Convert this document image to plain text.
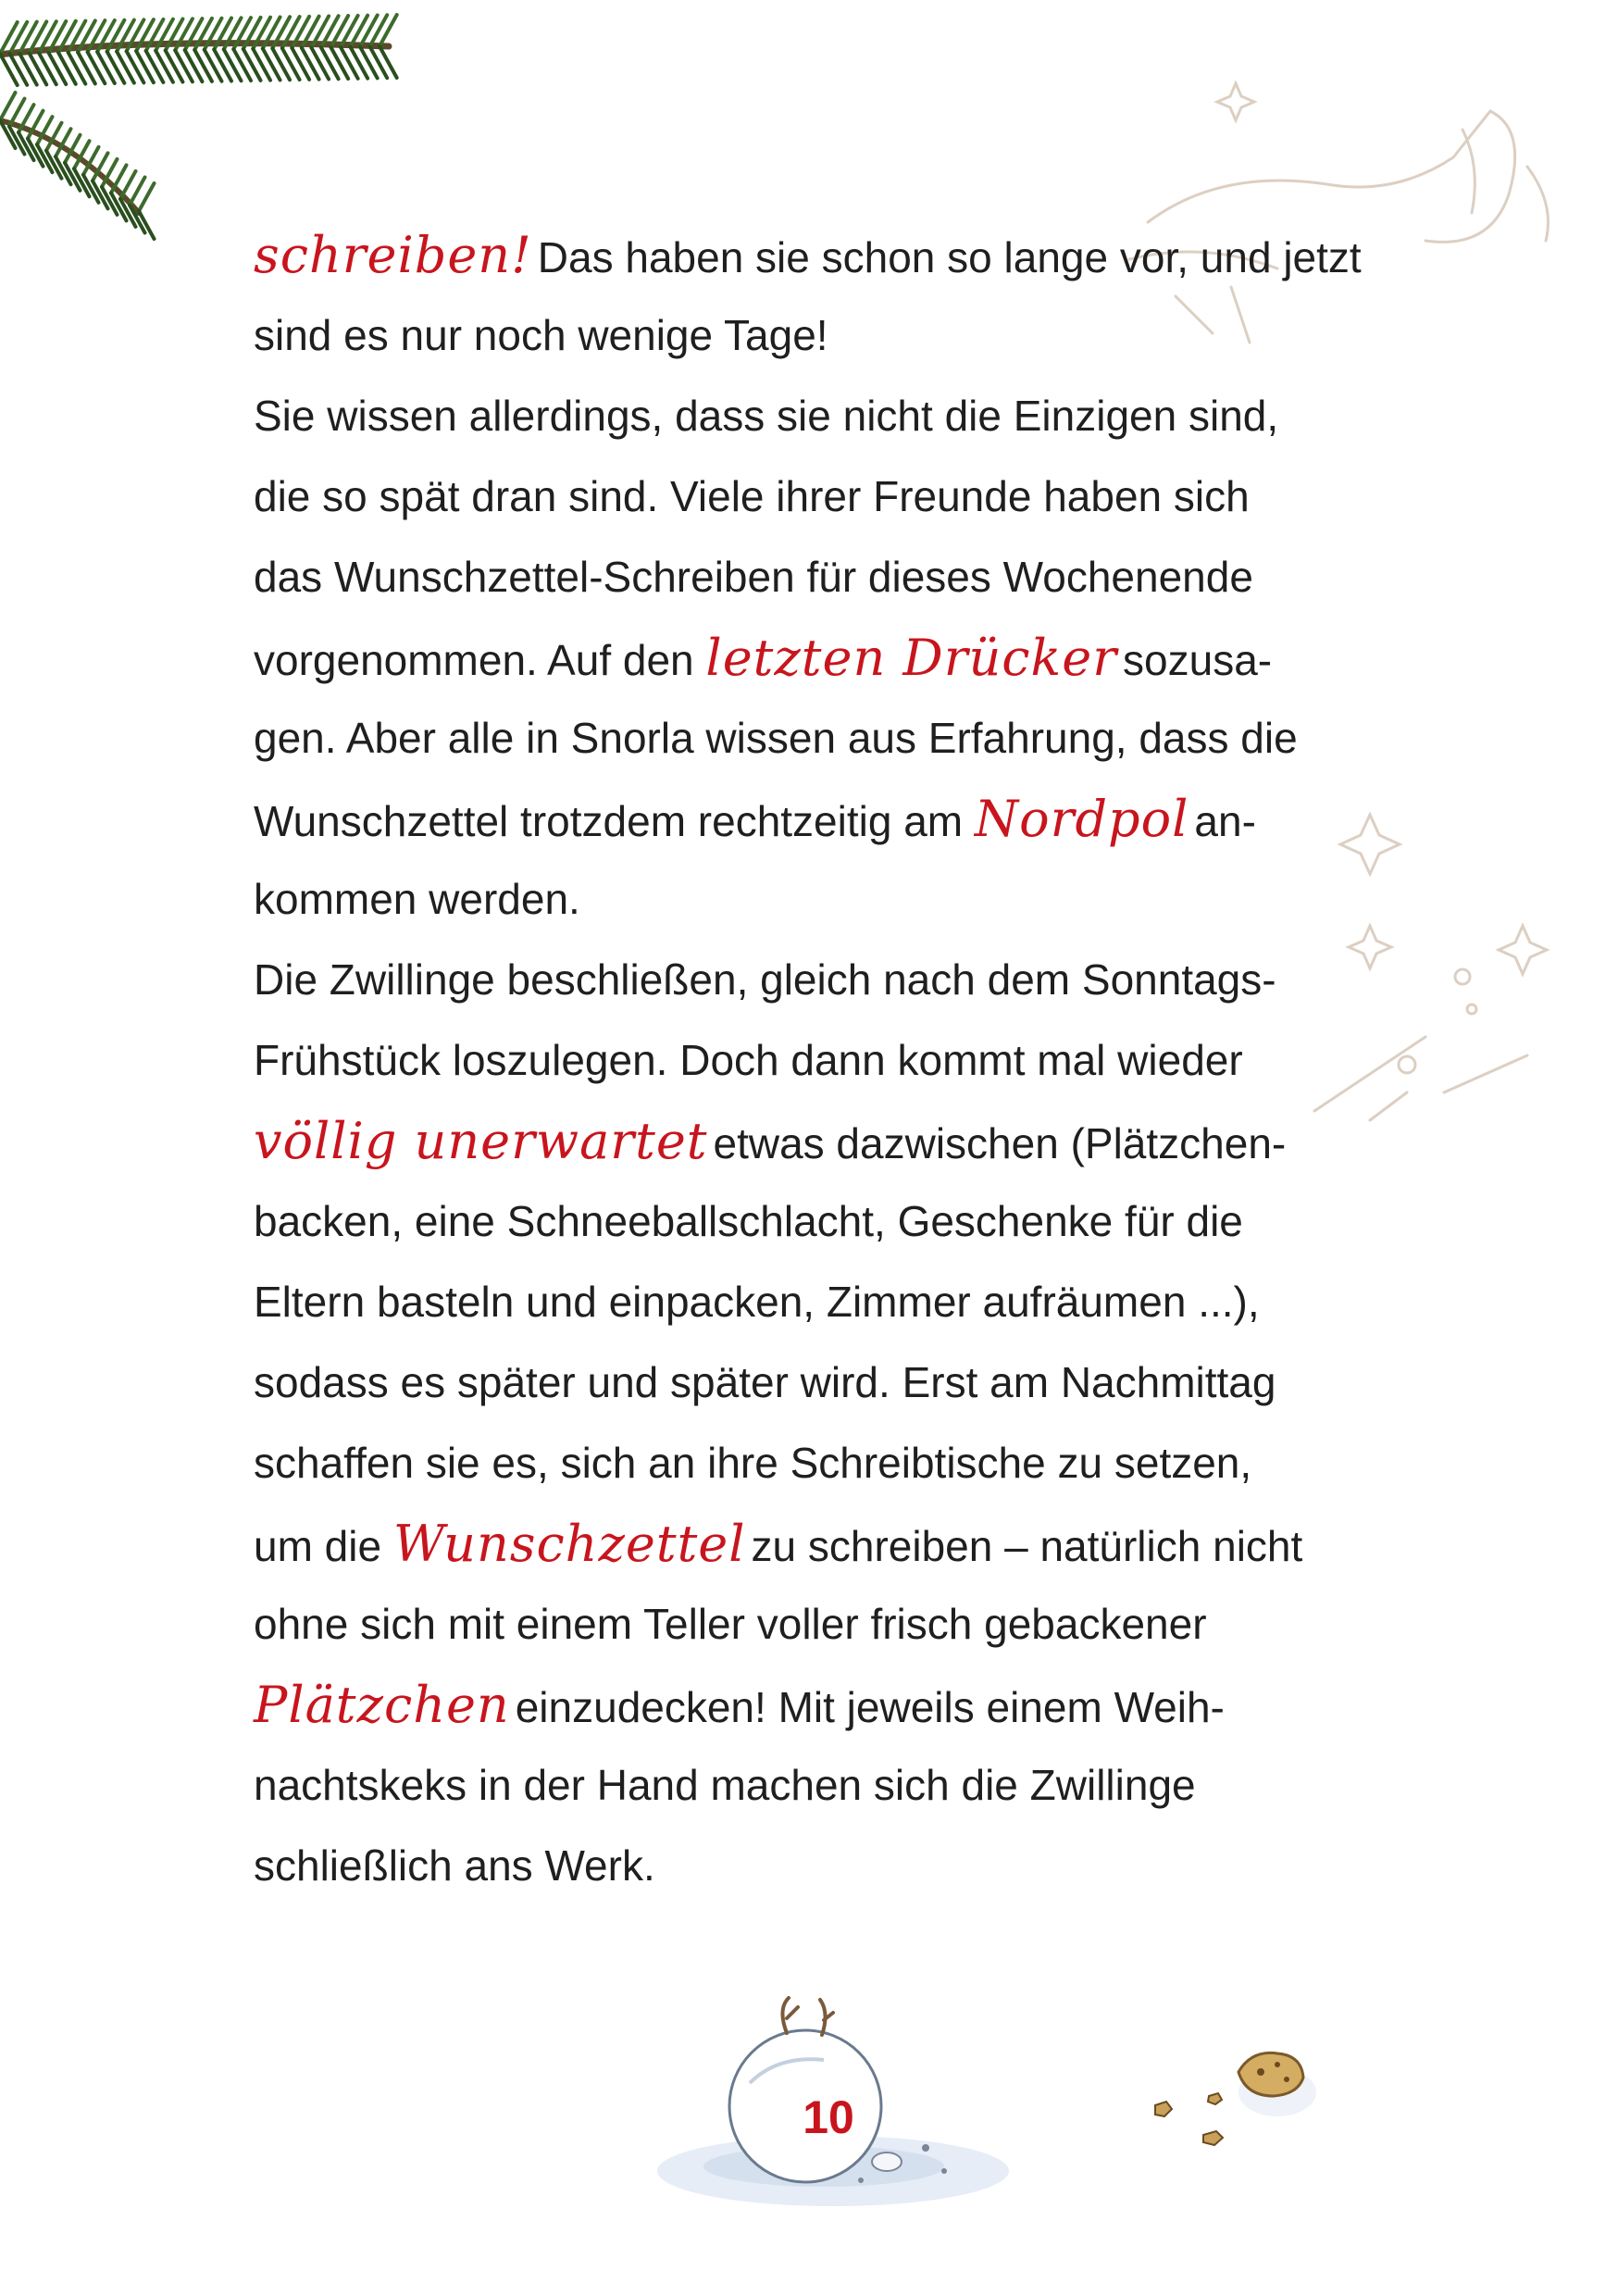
schreiben! Das haben sie schon so lange vor, und jetzt
sind es nur noch wenige Tage!
Sie wissen allerdings, dass sie nicht die Einzigen sind,
die so spät dran sind. Viele ihrer Freunde haben sich
das Wunschzettel-Schreiben für dieses Wochenende
vorgenommen. Auf den letzten Drücker sozusa-
gen. Aber alle in Snorla wissen aus Erfahrung, dass die
Wunschzettel trotzdem rechtzeitig am Nordpol an-
kommen werden.
Die Zwillinge beschließen, gleich nach dem Sonntags-
Frühstück loszulegen. Doch dann kommt mal wieder
völlig unerwartet etwas dazwischen (Plätzchen-
backen, eine Schneeballschlacht, Geschenke für die
Eltern basteln und einpacken, Zimmer aufräumen ...),
sodass es später und später wird. Erst am Nachmittag
schaffen sie es, sich an ihre Schreibtische zu setzen,
um die Wunschzettel zu schreiben – natürlich nicht
ohne sich mit einem Teller voller frisch gebackener
Plätzchen einzudecken! Mit jeweils einem Weih-
nachtskeks in der Hand machen sich die Zwillinge
schließlich ans Werk.
10
